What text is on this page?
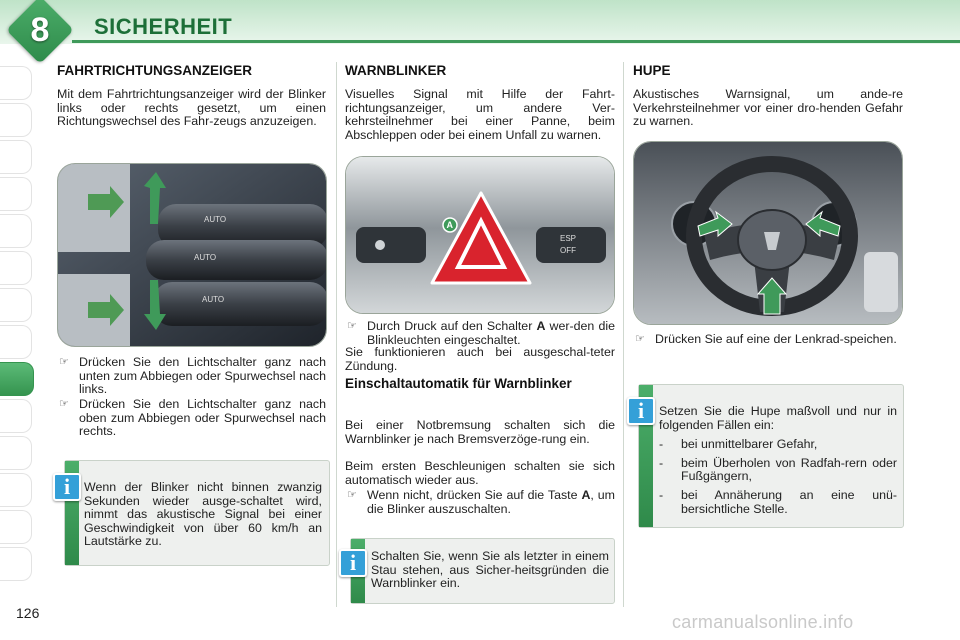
8	SICHERHEIT
FAHRTRICHTUNGSANZEIGER
Mit dem Fahrtrichtungsanzeiger wird der Blinker links oder rechts gesetzt, um einen Richtungswechsel des Fahr-zeugs anzuzeigen.
AUTO
AUTO
AUTO
☞ Drücken Sie den Lichtschalter ganz nach unten zum Abbiegen oder Spurwechsel nach links.
☞ Drücken Sie den Lichtschalter ganz nach oben zum Abbiegen oder Spurwechsel nach rechts.
i	Wenn der Blinker nicht binnen zwanzig Sekunden wieder ausge-schaltet wird, nimmt das akustische Signal bei einer Geschwindigkeit von über 60 km/h an Lautstärke zu.
WARNBLINKER
Visuelles Signal mit Hilfe der Fahrt-richtungsanzeiger, um andere Ver-kehrsteilnehmer bei einer Panne, beim Abschleppen oder bei einem Unfall zu warnen.
ESP
OFF
A
☞ Durch Druck auf den Schalter A wer-den die Blinkleuchten eingeschaltet.
Sie funktionieren auch bei ausgeschal-teter Zündung.
Einschaltautomatik für Warnblinker
Bei einer Notbremsung schalten sich die Warnblinker je nach Bremsverzöge-rung ein.
Beim ersten Beschleunigen schalten sie sich automatisch wieder aus.
☞ Wenn nicht, drücken Sie auf die Taste A, um die Blinker auszuschalten.
i	Schalten Sie, wenn Sie als letzter in einem Stau stehen, aus Sicher-heitsgründen die Warnblinker ein.
HUPE
Akustisches Warnsignal, um ande-re Verkehrsteilnehmer vor einer dro-henden Gefahr zu warnen.
☞ Drücken Sie auf eine der Lenkrad-speichen.
i	Setzen Sie die Hupe maßvoll und nur in folgenden Fällen ein:
- bei unmittelbarer Gefahr,
- beim Überholen von Radfah-rern oder Fußgängern,
- bei Annäherung an eine unü-bersichtliche Stelle.
126	carmanualsonline.info
